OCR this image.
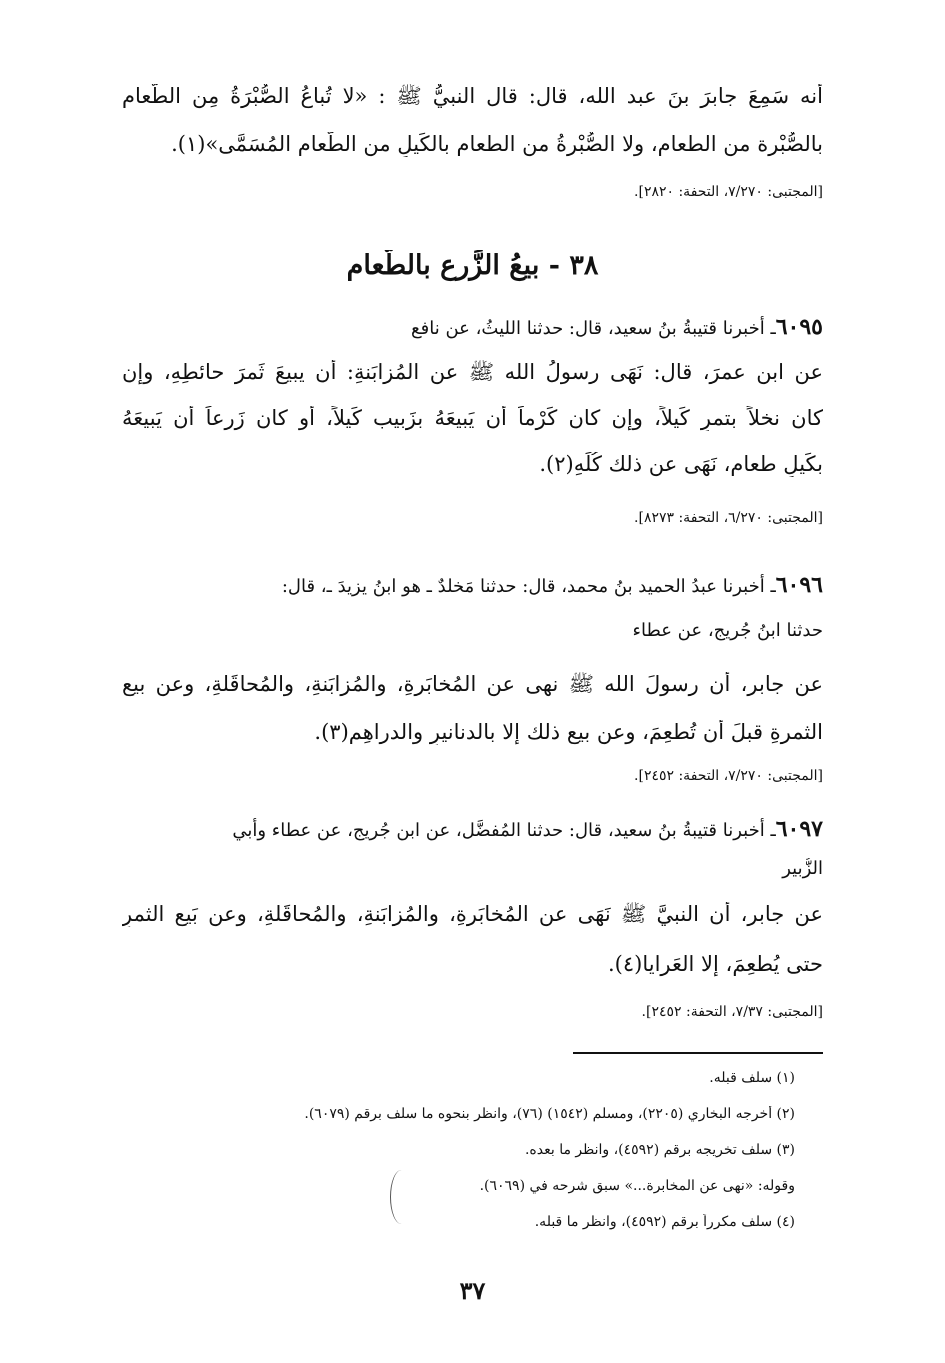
أنه سَمِعَ جابرَ بنَ عبد الله، قال: قال النبيُّ ﷺ : «لا تُباعُ الصُّبْرَةُ مِن الطَّعامِ
بالصُّبْرة من الطعام، ولا الصُّبْرةُ من الطعام بالكَيلِ من الطَّعامِ المُسَمَّى»(١).
[المجتبى: ٧/٢٧٠، التحفة: ٢٨٢٠].
٣٨ - بيعُ الزَّرعِ بالطَّعام
٦٠٩٥ـ أخبرنا قتيبةُ بنُ سعيد، قال: حدثنا الليثُ، عن نافع
عن ابنِ عمرَ، قال: نَهَى رسولُ الله ﷺ عن المُزابَنةِ: أن يبيعَ ثَمرَ حائطِهِ، وإن
كان نخلاً بتمرٍ كَيلاً، وإن كان كَرْماً أن يَبيعَهُ بزَبيب كَيلاً، أو كان زَرعاً أن يَبيعَهُ
بكَيلِ طعامٍ، نَهَى عن ذلك كُلِّهِ(٢).
[المجتبى: ٦/٢٧٠، التحفة: ٨٢٧٣].
٦٠٩٦ـ أخبرنا عبدُ الحميد بنُ محمد، قال: حدثنا مَخلدٌ ـ هو ابنُ يزيدَ ـ، قال:
حدثنا ابنُ جُريج، عن عطاء
عن جابر، أن رسولَ الله ﷺ نهى عن المُخابَرةِ، والمُزابَنةِ، والمُحاقَلةِ، وعن بيعِ
الثمرةِ قبلَ أن تُطعِمَ، وعن بيع ذلك إلا بالدنانيرِ والدراهِمِ(٣).
[المجتبى: ٧/٢٧٠، التحفة: ٢٤٥٢].
٦٠٩٧ـ أخبرنا قتيبةُ بنُ سعيد، قال: حدثنا المُفضَّل، عن ابن جُريج، عن عطاء وأبي
الزُّبير
عن جابر، أن النبيَّ ﷺ نَهَى عن المُخابَرةِ، والمُزابَنةِ، والمُحاقَلةِ، وعن بَيعِ الثمرِ
حتى يُطعِمَ، إلا العَرايا(٤).
[المجتبى: ٧/٣٧، التحفة: ٢٤٥٢].
(١) سلف قبله.
(٢) أخرجه البخاري (٢٢٠٥)، ومسلم (١٥٤٢) (٧٦)، وانظر بنحوه ما سلف برقم (٦٠٧٩).
(٣) سلف تخريجه برقم (٤٥٩٢)، وانظر ما بعده.
وقوله: «نهى عن المخابرة...» سبق شرحه في (٦٠٦٩).
(٤) سلف مكرراً برقم (٤٥٩٢)، وانظر ما قبله.
٣٧
